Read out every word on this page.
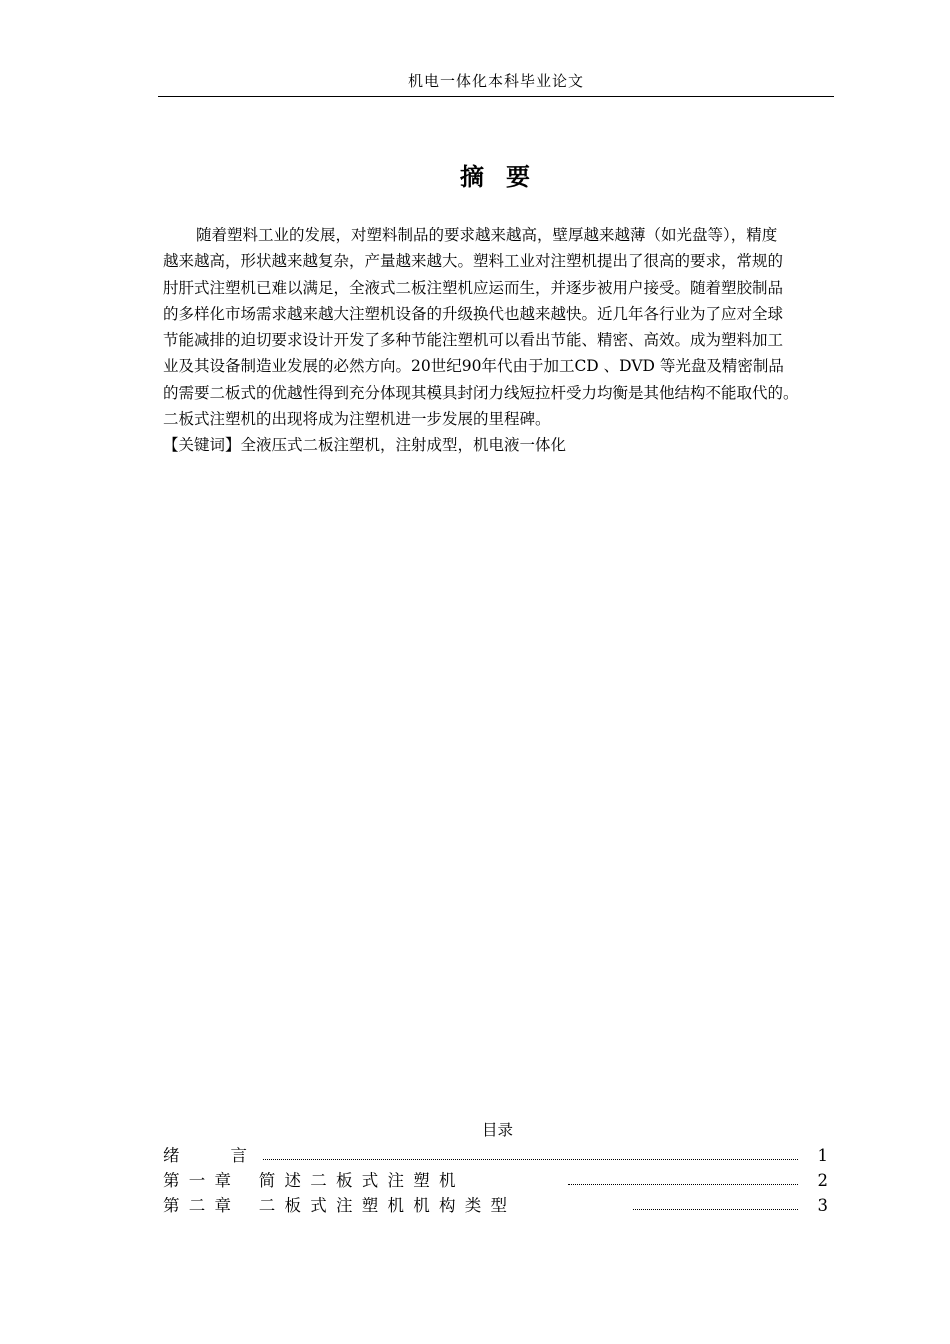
机电一体化本科毕业论文
摘 要
随着塑料工业的发展，对塑料制品的要求越来越高，壁厚越来越薄（如光盘等），精度
越来越高，形状越来越复杂，产量越来越大。塑料工业对注塑机提出了很高的要求，常规的
肘肝式注塑机已难以满足，全液式二板注塑机应运而生，并逐步被用户接受。随着塑胶制品
的多样化市场需求越来越大注塑机设备的升级换代也越来越快。近几年各行业为了应对全球
节能减排的迫切要求设计开发了多种节能注塑机可以看出节能、精密、高效。成为塑料加工
业及其设备制造业发展的必然方向。20世纪90年代由于加工CD 、DVD 等光盘及精密制品
的需要二板式的优越性得到充分体现其模具封闭力线短拉杆受力均衡是其他结构不能取代的。
二板式注塑机的出现将成为注塑机进一步发展的里程碑。
【关键词】全液压式二板注塑机，注射成型，机电液一体化
目录
绪　　言	1
第 一 章　 简 述 二 板 式 注 塑 机	2
第 二 章　 二 板 式 注 塑 机 机 构 类 型	3
